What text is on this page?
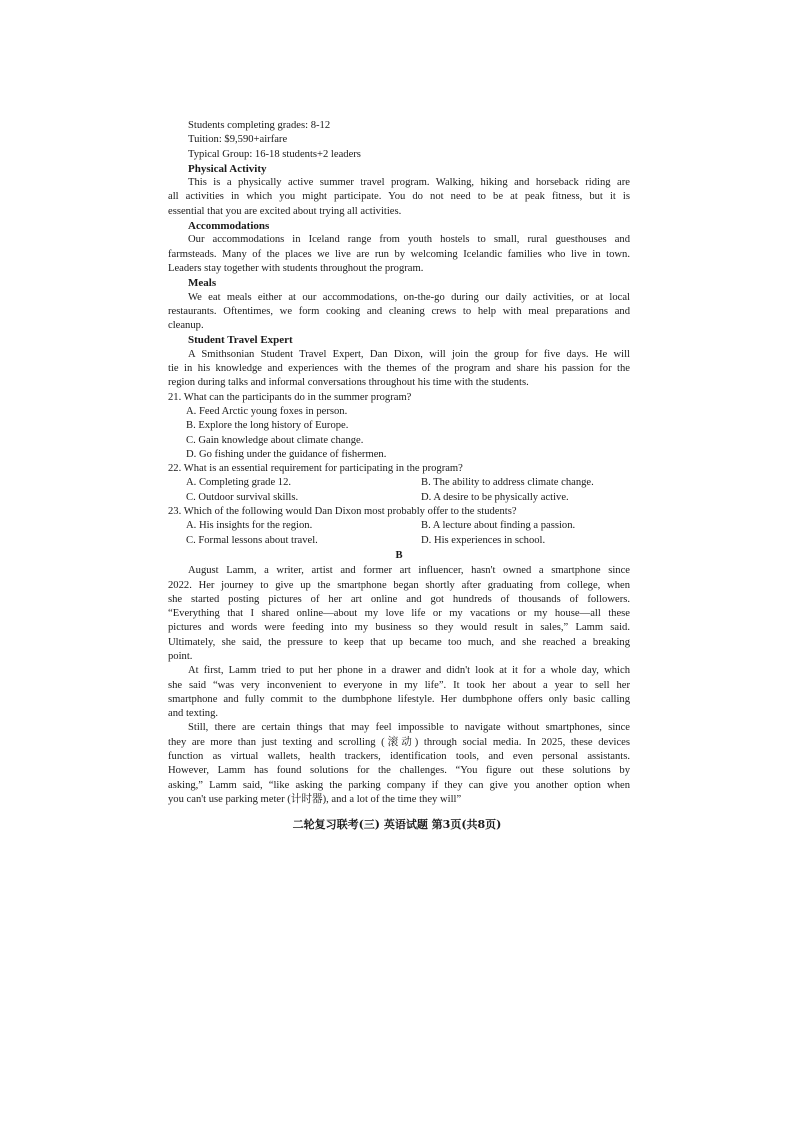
Students completing grades: 8-12
Tuition: $9,590+airfare
Typical Group: 16-18 students+2 leaders
Physical Activity
This is a physically active summer travel program. Walking, hiking and horseback riding are
all activities in which you might participate. You do not need to be at peak fitness, but it is
essential that you are excited about trying all activities.
Accommodations
Our accommodations in Iceland range from youth hostels to small, rural guesthouses and
farmsteads. Many of the places we live are run by welcoming Icelandic families who live in town.
Leaders stay together with students throughout the program.
Meals
We eat meals either at our accommodations, on-the-go during our daily activities, or at local
restaurants. Oftentimes, we form cooking and cleaning crews to help with meal preparations and
cleanup.
Student Travel Expert
A Smithsonian Student Travel Expert, Dan Dixon, will join the group for five days. He will
tie in his knowledge and experiences with the themes of the program and share his passion for the
region during talks and informal conversations throughout his time with the students.
21. What can the participants do in the summer program?
A. Feed Arctic young foxes in person.
B. Explore the long history of Europe.
C. Gain knowledge about climate change.
D. Go fishing under the guidance of fishermen.
22. What is an essential requirement for participating in the program?
A. Completing grade 12.	B. The ability to address climate change.
C. Outdoor survival skills.	D. A desire to be physically active.
23. Which of the following would Dan Dixon most probably offer to the students?
A. His insights for the region.	B. A lecture about finding a passion.
C. Formal lessons about travel.	D. His experiences in school.
B
August Lamm, a writer, artist and former art influencer, hasn't owned a smartphone since
2022. Her journey to give up the smartphone began shortly after graduating from college, when
she started posting pictures of her art online and got hundreds of thousands of followers.
“Everything that I shared online—about my love life or my vacations or my house—all these
pictures and words were feeding into my business so they would result in sales,” Lamm said.
Ultimately, she said, the pressure to keep that up became too much, and she reached a breaking
point.
At first, Lamm tried to put her phone in a drawer and didn't look at it for a whole day, which
she said “was very inconvenient to everyone in my life”. It took her about a year to sell her
smartphone and fully commit to the dumbphone lifestyle. Her dumbphone offers only basic calling
and texting.
Still, there are certain things that may feel impossible to navigate without smartphones, since
they are more than just texting and scrolling (滚动) through social media. In 2025, these devices
function as virtual wallets, health trackers, identification tools, and even personal assistants.
However, Lamm has found solutions for the challenges. “You figure out these solutions by
asking,” Lamm said, “like asking the parking company if they can give you another option when
you can't use parking meter (计时器), and a lot of the time they will”
二轮复习联考(三) 英语试题 第3页(共8页)
